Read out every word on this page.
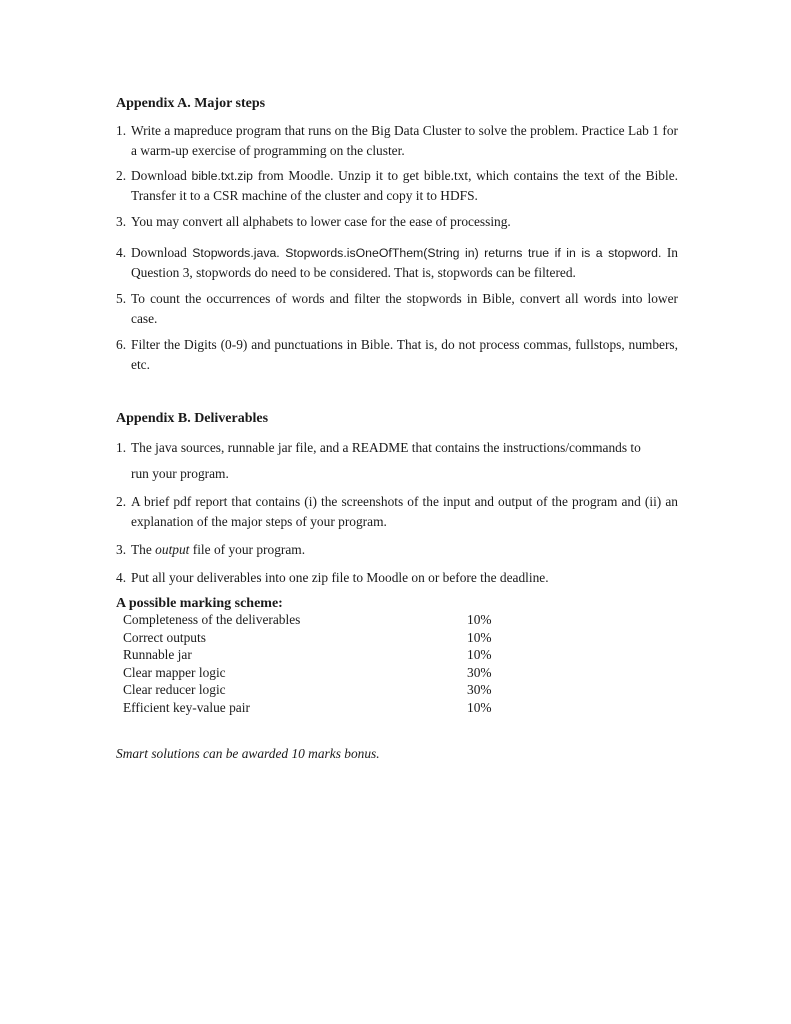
Appendix A. Major steps
1. Write a mapreduce program that runs on the Big Data Cluster to solve the problem. Practice Lab 1 for a warm-up exercise of programming on the cluster.
2. Download bible.txt.zip from Moodle. Unzip it to get bible.txt, which contains the text of the Bible. Transfer it to a CSR machine of the cluster and copy it to HDFS.
3. You may convert all alphabets to lower case for the ease of processing.
4. Download Stopwords.java. Stopwords.isOneOfThem(String in) returns true if in is a stopword. In Question 3, stopwords do need to be considered. That is, stopwords can be filtered.
5. To count the occurrences of words and filter the stopwords in Bible, convert all words into lower case.
6. Filter the Digits (0-9) and punctuations in Bible. That is, do not process commas, fullstops, numbers, etc.
Appendix B. Deliverables
1. The java sources, runnable jar file, and a README that contains the instructions/commands to
run your program.
2. A brief pdf report that contains (i) the screenshots of the input and output of the program and (ii) an explanation of the major steps of your program.
3. The output file of your program.
4. Put all your deliverables into one zip file to Moodle on or before the deadline.
A possible marking scheme:
Completeness of the deliverables	10%
Correct outputs	10%
Runnable jar	10%
Clear mapper logic	30%
Clear reducer logic	30%
Efficient key-value pair	10%
Smart solutions can be awarded 10 marks bonus.
